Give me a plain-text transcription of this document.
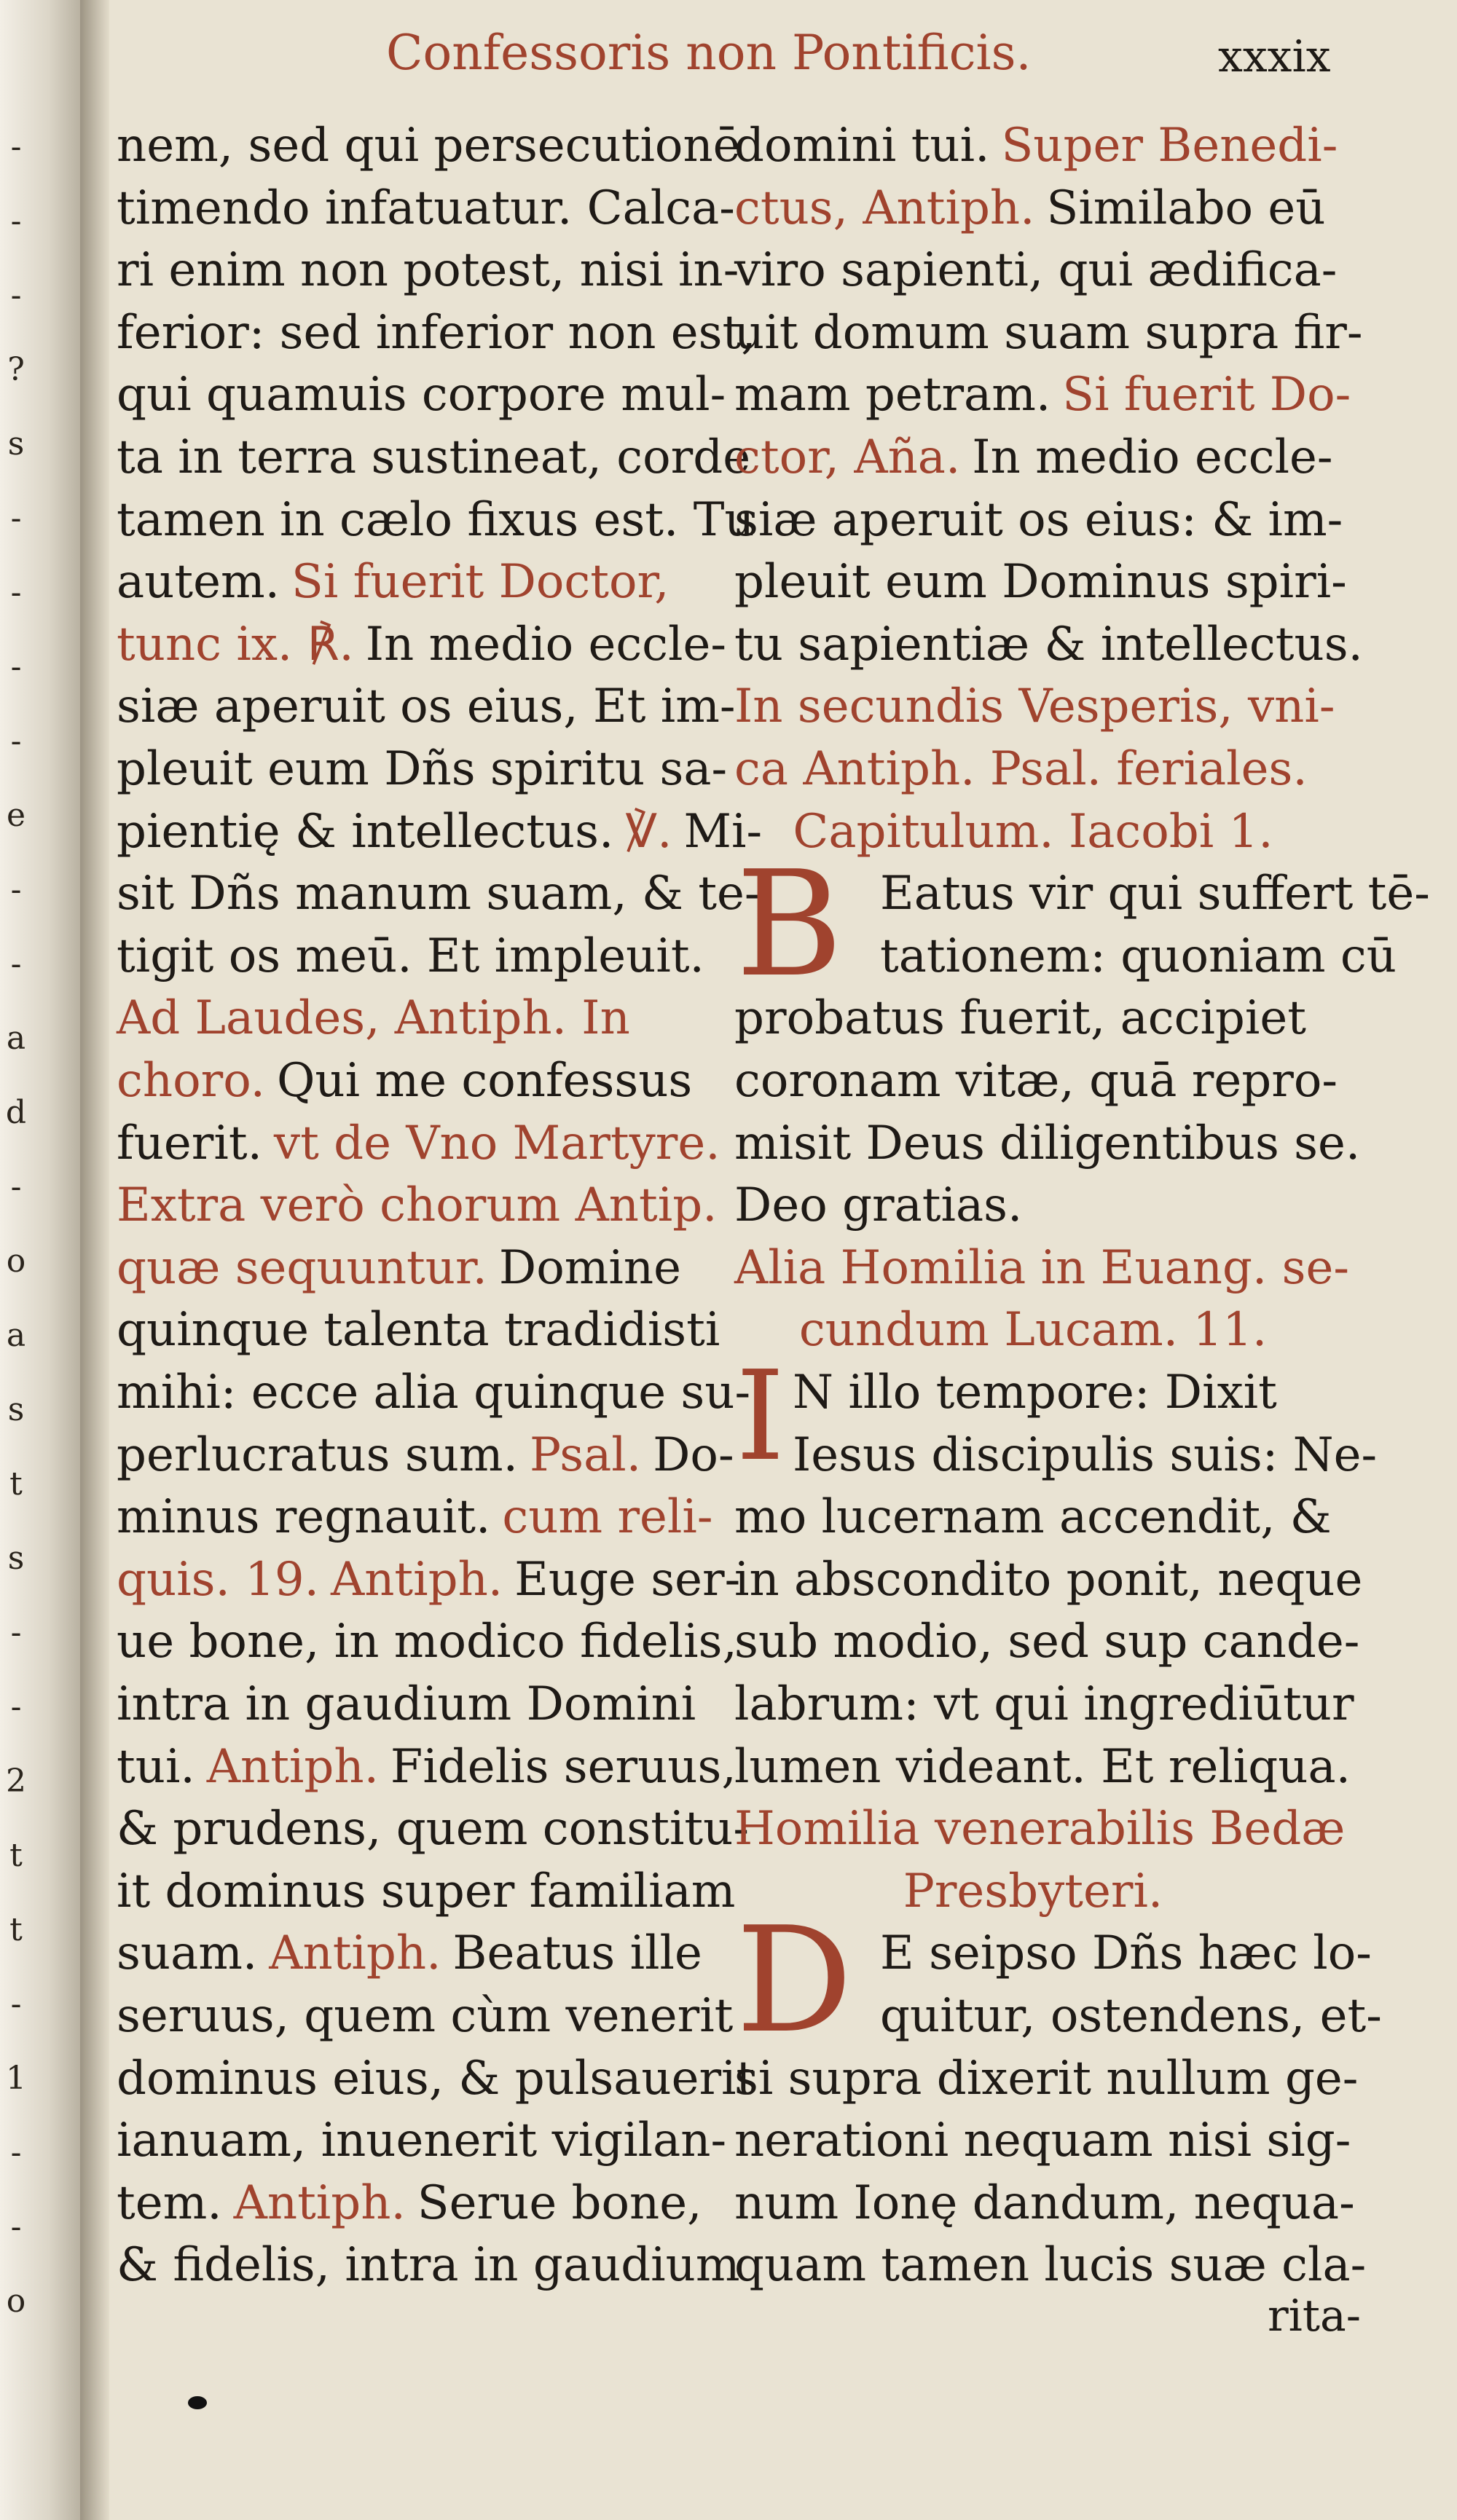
-
-
-
?
s
-
-
-
-
e
-
-
a
d
-
o
a
s
t
s
-
-
2
t
t
-
1
-
-
o
Confessoris non Pontificis.	xxxix
nem, sed qui persecutionē
timendo infatuatur. Calca-
ri enim non potest, nisi in-
ferior: sed inferior non est,
qui quamuis corpore mul-
ta in terra sustineat, corde
tamen in cælo fixus est. Tu
autem. Si fuerit Doctor,
tunc ix. ℟. In medio eccle-
siæ aperuit os eius, Et im-
pleuit eum Dñs spiritu sa-
pientię & intellectus. ℣. Mi-
sit Dñs manum suam, & te-
tigit os meū. Et impleuit.
Ad Laudes, Antiph. In
choro. Qui me confessus
fuerit. vt de Vno Martyre.
Extra verò chorum Antip.
quæ sequuntur. Domine
quinque talenta tradidisti
mihi: ecce alia quinque su-
perlucratus sum. Psal. Do-
minus regnauit. cum reli-
quis. 19. Antiph. Euge ser-
ue bone, in modico fidelis,
intra in gaudium Domini
tui. Antiph. Fidelis seruus,
& prudens, quem constitu-
it dominus super familiam
suam. Antiph. Beatus ille
seruus, quem cùm venerit
dominus eius, & pulsauerit
ianuam, inuenerit vigilan-
tem. Antiph. Serue bone,
& fidelis, intra in gaudium
domini tui. Super Benedi-
ctus, Antiph. Similabo eū
viro sapienti, qui ædifica-
uit domum suam supra fir-
mam petram. Si fuerit Do-
ctor, Aña. In medio eccle-
siæ aperuit os eius: & im-
pleuit eum Dominus spiri-
tu sapientiæ & intellectus.
In secundis Vesperis, vni-
ca Antiph. Psal. feriales.
Capitulum. Iacobi 1.
Eatus vir qui suffert tē-
tationem: quoniam cū
probatus fuerit, accipiet
coronam vitæ, quā repro-
misit Deus diligentibus se.
Deo gratias.
Alia Homilia in Euang. se-
cundum Lucam. 11.
N illo tempore: Dixit
Iesus discipulis suis: Ne-
mo lucernam accendit, &
in abscondito ponit, neque
sub modio, sed sup cande-
labrum: vt qui ingrediūtur
lumen videant. Et reliqua.
Homilia venerabilis Bedæ
Presbyteri.
E seipso Dñs hæc lo-
quitur, ostendens, et-
si supra dixerit nullum ge-
nerationi nequam nisi sig-
num Ionę dandum, nequa-
quam tamen lucis suæ cla-
B
I
D
rita-
